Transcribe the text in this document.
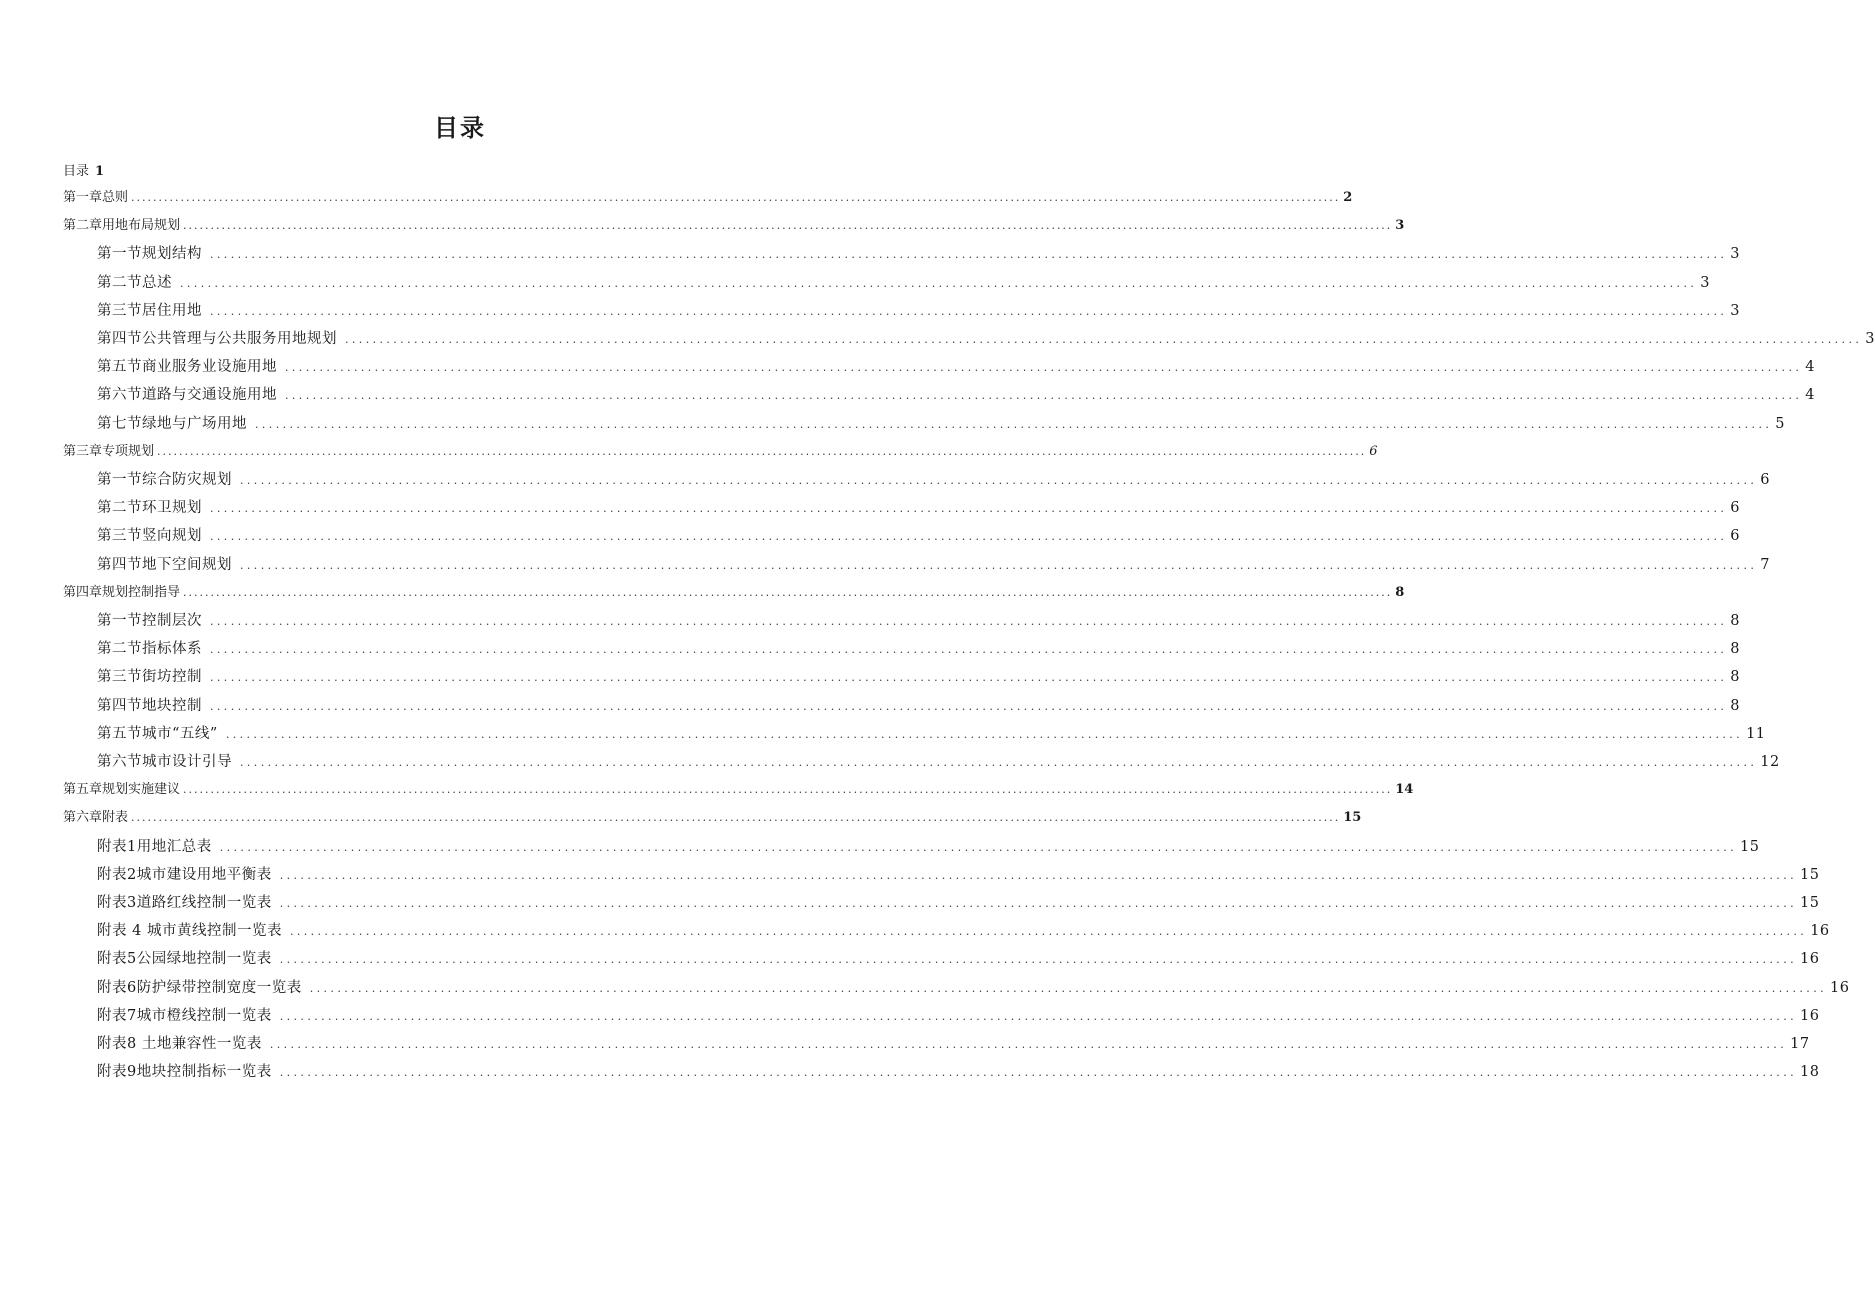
目录
目录 1
第一章总则 ............................................................................................................................................................................................................................ 2
第二章用地布局规划 ............................................................................................................................................................................................................................ 3
第一节规划结构 ............................................................................................................................................................................................................................ 3
第二节总述 ............................................................................................................................................................................................................................ 3
第三节居住用地 ............................................................................................................................................................................................................................ 3
第四节公共管理与公共服务用地规划 ............................................................................................................................................................................................................................ 3
第五节商业服务业设施用地 ............................................................................................................................................................................................................................ 4
第六节道路与交通设施用地 ............................................................................................................................................................................................................................ 4
第七节绿地与广场用地 ............................................................................................................................................................................................................................ 5
第三章专项规划 ............................................................................................................................................................................................................................ 6
第一节综合防灾规划 ............................................................................................................................................................................................................................ 6
第二节环卫规划 ............................................................................................................................................................................................................................ 6
第三节竖向规划 ............................................................................................................................................................................................................................ 6
第四节地下空间规划 ............................................................................................................................................................................................................................ 7
第四章规划控制指导 ............................................................................................................................................................................................................................ 8
第一节控制层次 ............................................................................................................................................................................................................................ 8
第二节指标体系 ............................................................................................................................................................................................................................ 8
第三节街坊控制 ............................................................................................................................................................................................................................ 8
第四节地块控制 ............................................................................................................................................................................................................................ 8
第五节城市“五线” ............................................................................................................................................................................................................................ 11
第六节城市设计引导 ............................................................................................................................................................................................................................ 12
第五章规划实施建议 ............................................................................................................................................................................................................................ 14
第六章附表 ............................................................................................................................................................................................................................ 15
附表1用地汇总表 ............................................................................................................................................................................................................................ 15
附表2城市建设用地平衡表 ............................................................................................................................................................................................................................ 15
附表3道路红线控制一览表 ............................................................................................................................................................................................................................ 15
附表 4 城市黄线控制一览表 ............................................................................................................................................................................................................................ 16
附表5公园绿地控制一览表 ............................................................................................................................................................................................................................ 16
附表6防护绿带控制宽度一览表 ............................................................................................................................................................................................................................ 16
附表7城市橙线控制一览表 ............................................................................................................................................................................................................................ 16
附表8 土地兼容性一览表 ............................................................................................................................................................................................................................ 17
附表9地块控制指标一览表 ............................................................................................................................................................................................................................ 18
